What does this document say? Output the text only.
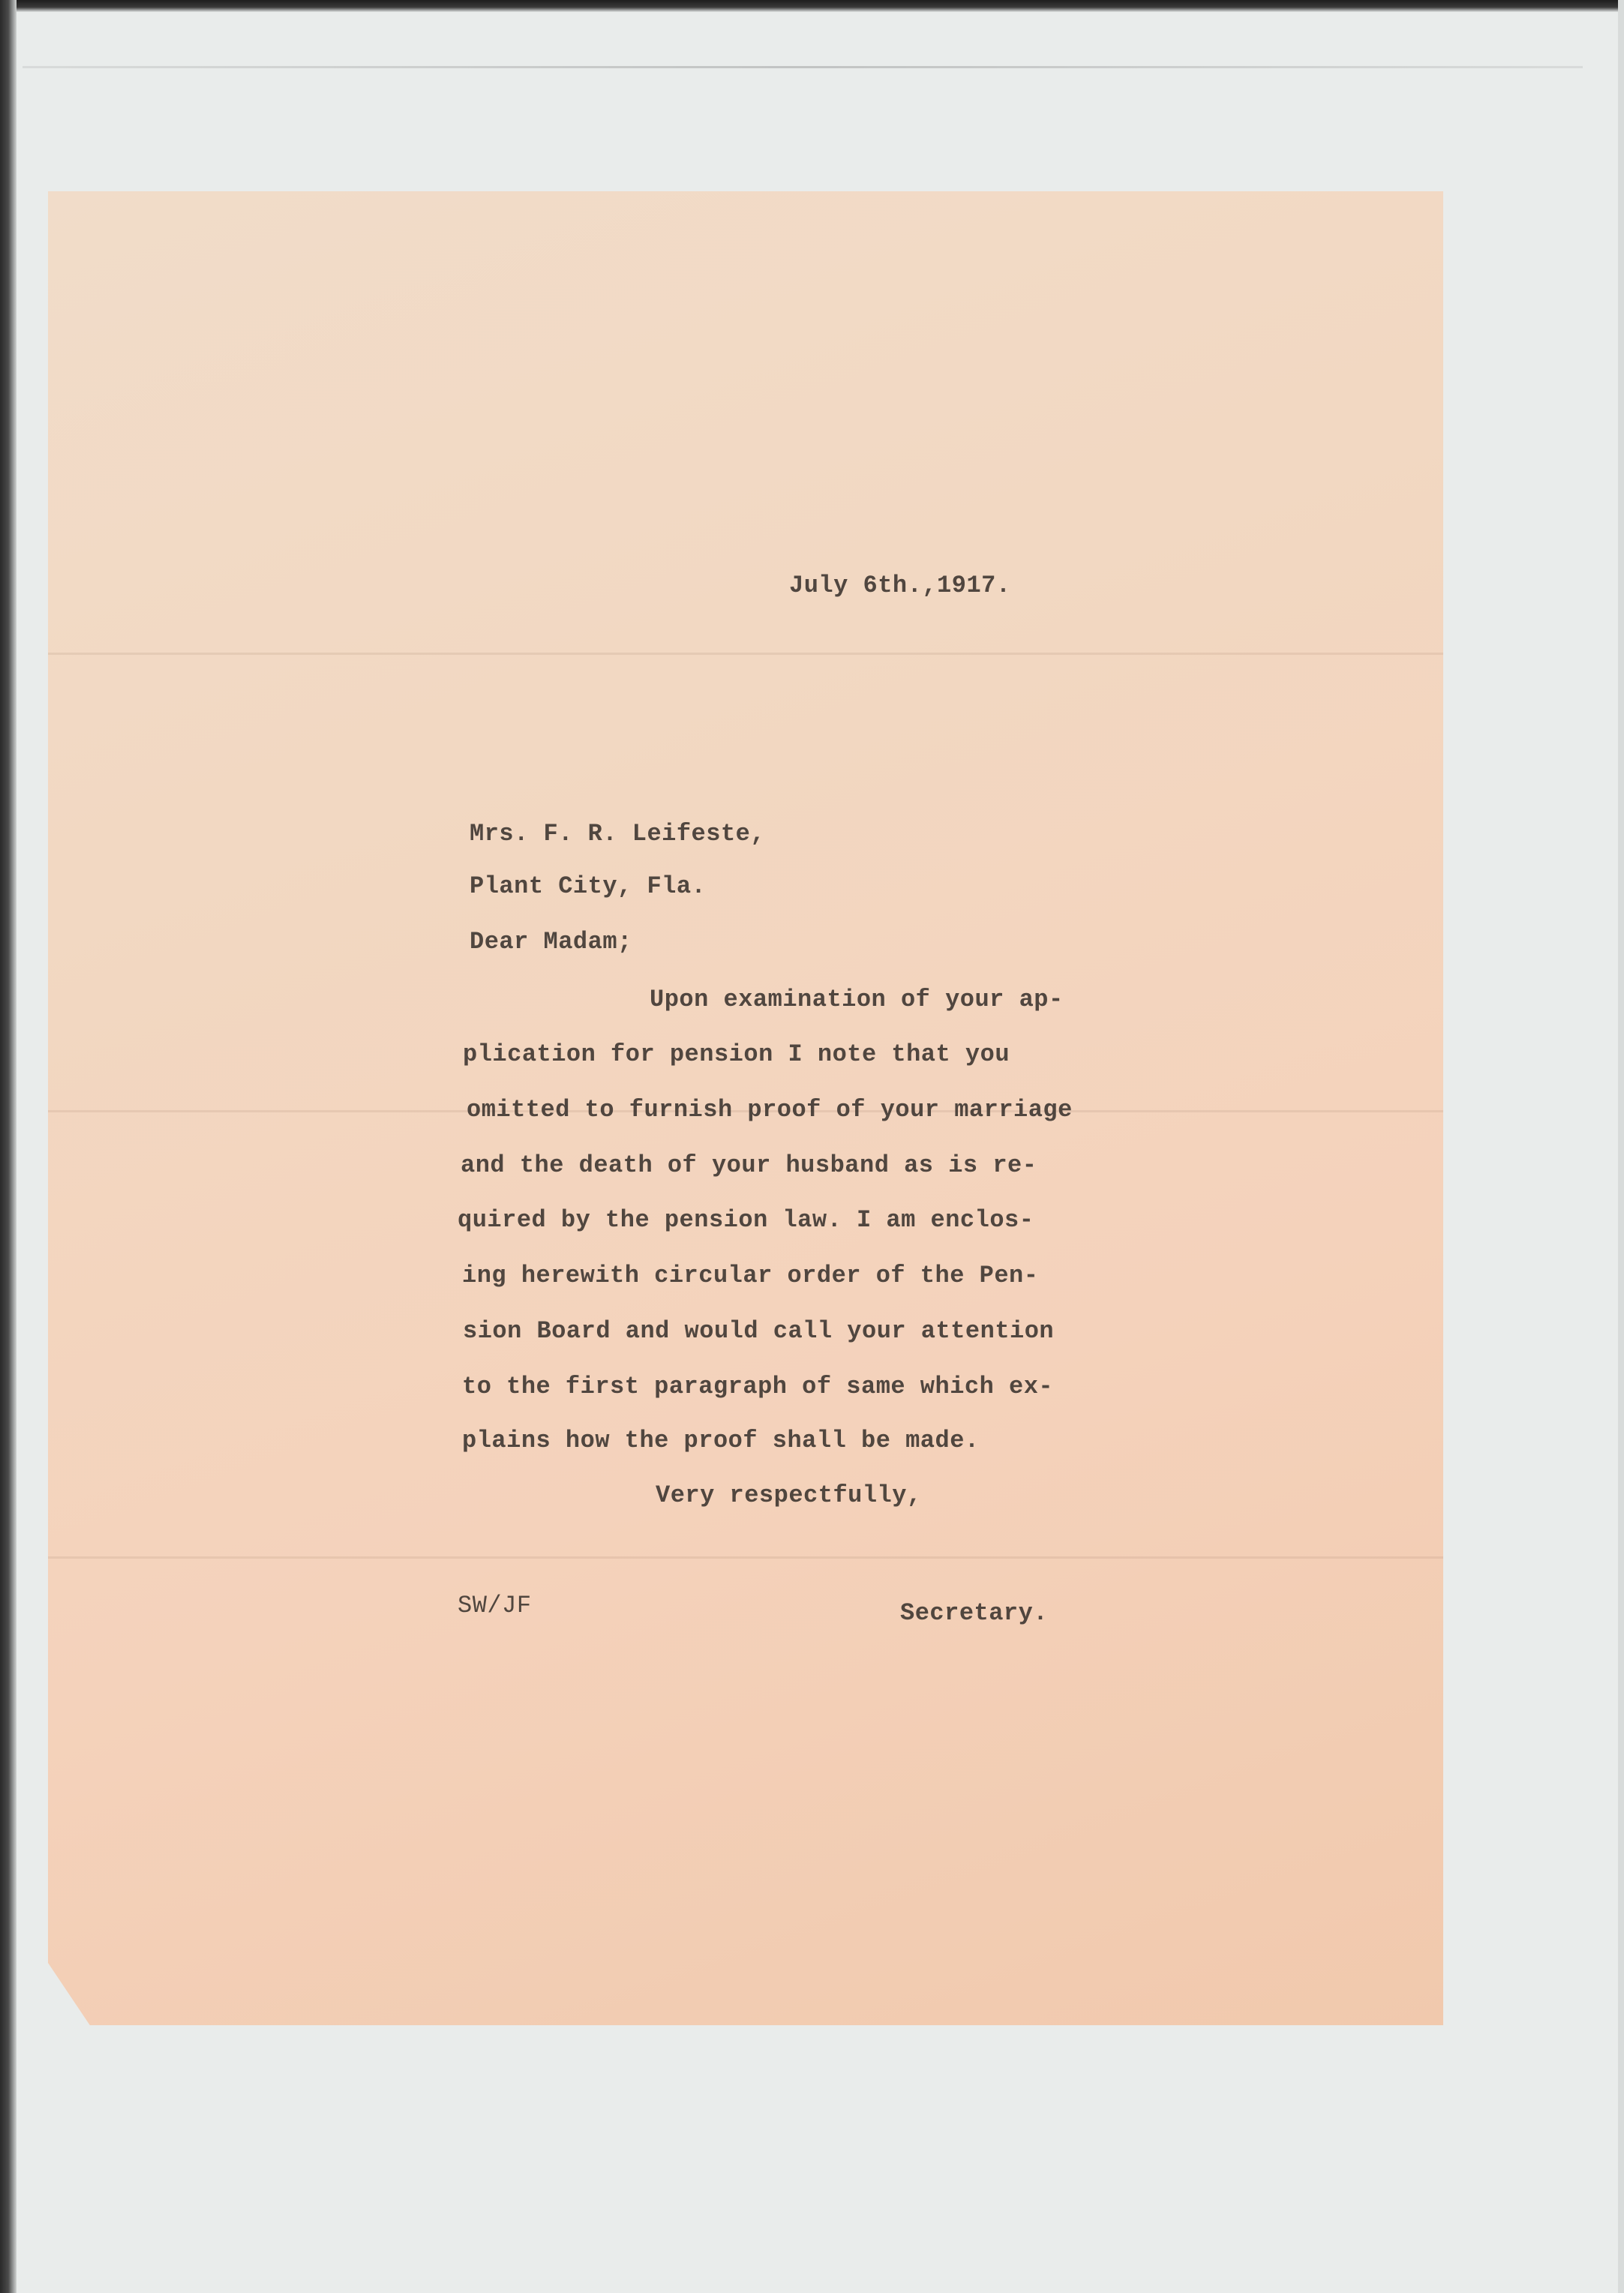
July 6th.,1917.
Mrs. F. R. Leifeste,
Plant City, Fla.
Dear Madam;
Upon examination of your ap-
plication for pension I note that you
omitted to furnish proof of your marriage
and the death of your husband as is re-
quired by the pension law. I am enclos-
ing herewith circular order of the Pen-
sion Board and would call your attention
to the first paragraph of same which ex-
plains how the proof shall be made.
Very respectfully,
SW/JF	Secretary.
